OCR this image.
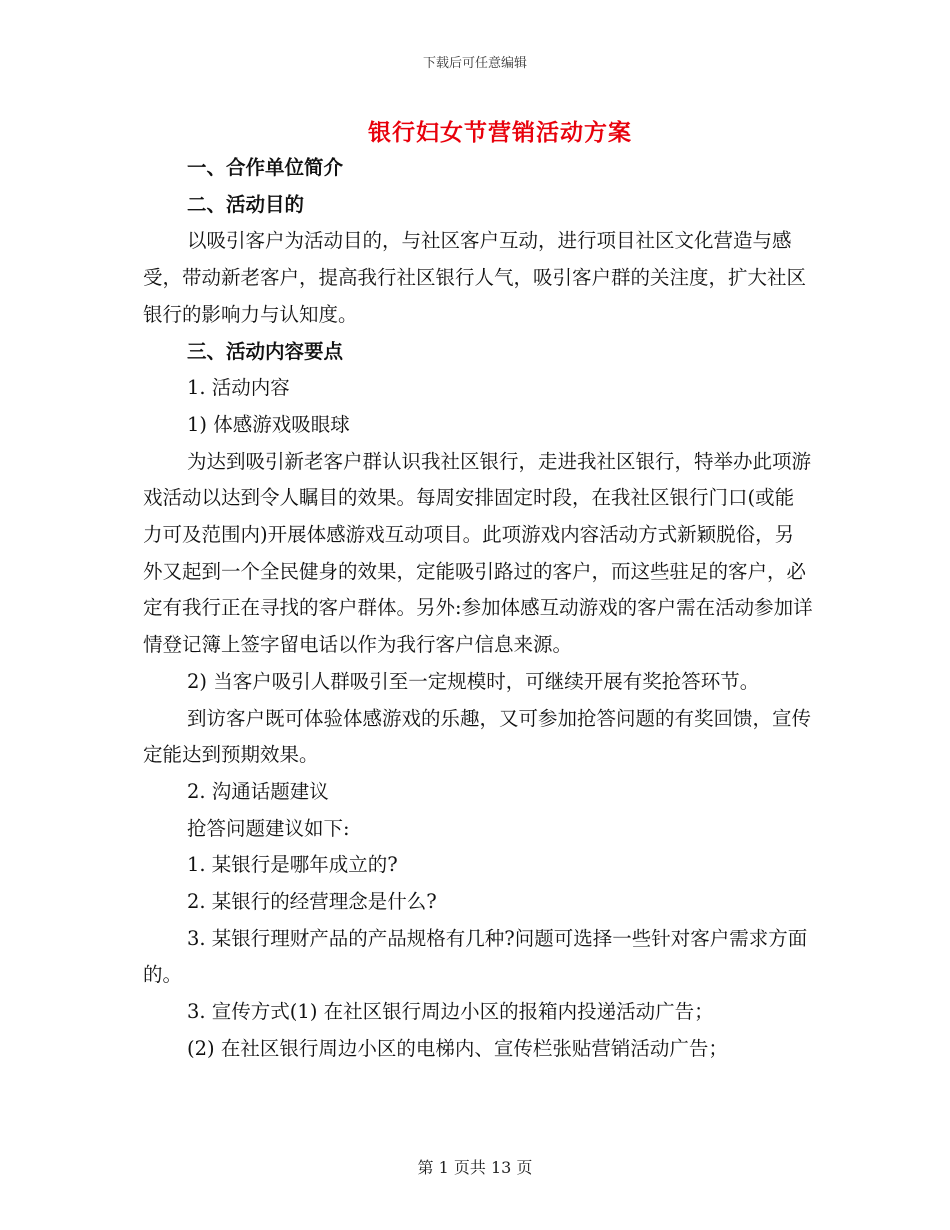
下载后可任意编辑
银行妇女节营销活动方案

一、合作单位简介

二、活动目的

以吸引客户为活动目的，与社区客户互动，进行项目社区文化营造与感受，带动新老客户，提高我行社区银行人气，吸引客户群的关注度，扩大社区银行的影响力与认知度。

三、活动内容要点

1. 活动内容

1) 体感游戏吸眼球

为达到吸引新老客户群认识我社区银行，走进我社区银行，特举办此项游戏活动以达到令人瞩目的效果。每周安排固定时段，在我社区银行门口(或能力可及范围内)开展体感游戏互动项目。此项游戏内容活动方式新颖脱俗，另外又起到一个全民健身的效果，定能吸引路过的客户，而这些驻足的客户，必定有我行正在寻找的客户群体。另外:参加体感互动游戏的客户需在活动参加详情登记簿上签字留电话以作为我行客户信息来源。

2) 当客户吸引人群吸引至一定规模时，可继续开展有奖抢答环节。

到访客户既可体验体感游戏的乐趣，又可参加抢答问题的有奖回馈，宣传定能达到预期效果。

2. 沟通话题建议

抢答问题建议如下:

1. 某银行是哪年成立的?

2. 某银行的经营理念是什么?

3. 某银行理财产品的产品规格有几种?问题可选择一些针对客户需求方面的。

3. 宣传方式(1) 在社区银行周边小区的报箱内投递活动广告；

(2) 在社区银行周边小区的电梯内、宣传栏张贴营销活动广告；

第 1 页共 13 页
